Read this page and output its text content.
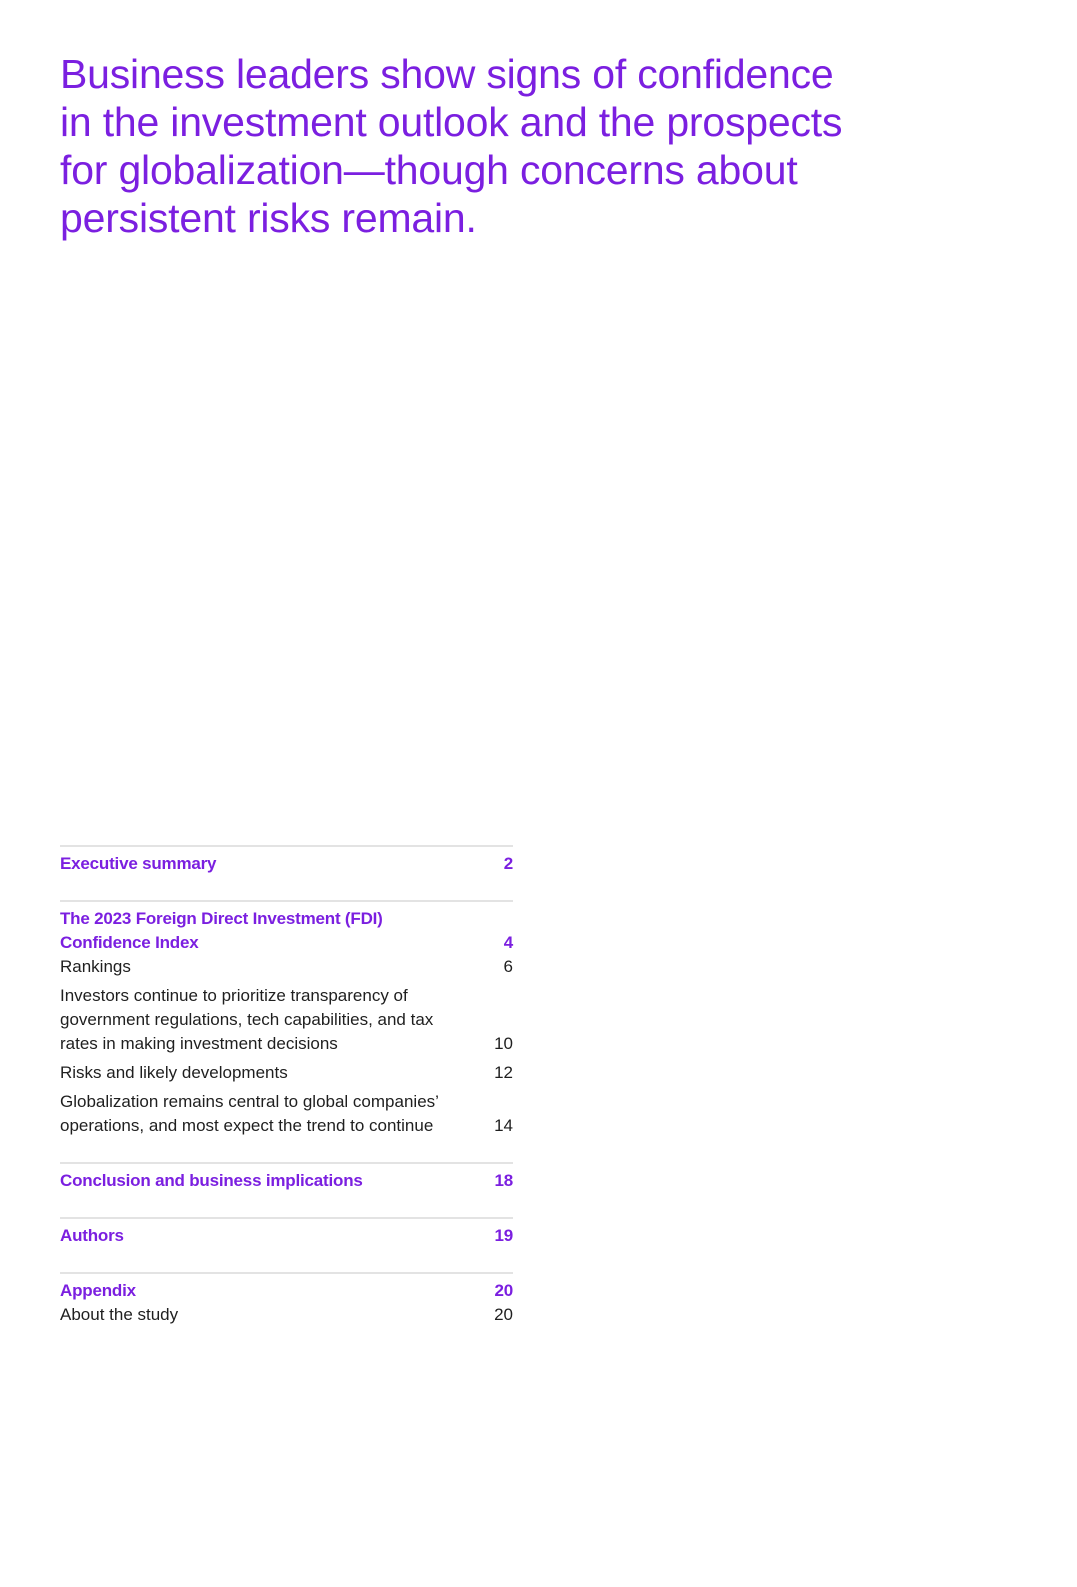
Business leaders show signs of confidence
in the investment outlook and the prospects
for globalization—though concerns about
persistent risks remain.
Executive summary	2
The 2023 Foreign Direct Investment (FDI)
Confidence Index	4
Rankings	6
Investors continue to prioritize transparency of
government regulations, tech capabilities, and tax
rates in making investment decisions	10
Risks and likely developments	12
Globalization remains central to global companies’
operations, and most expect the trend to continue	14
Conclusion and business implications	18
Authors	19
Appendix	20
About the study	20
